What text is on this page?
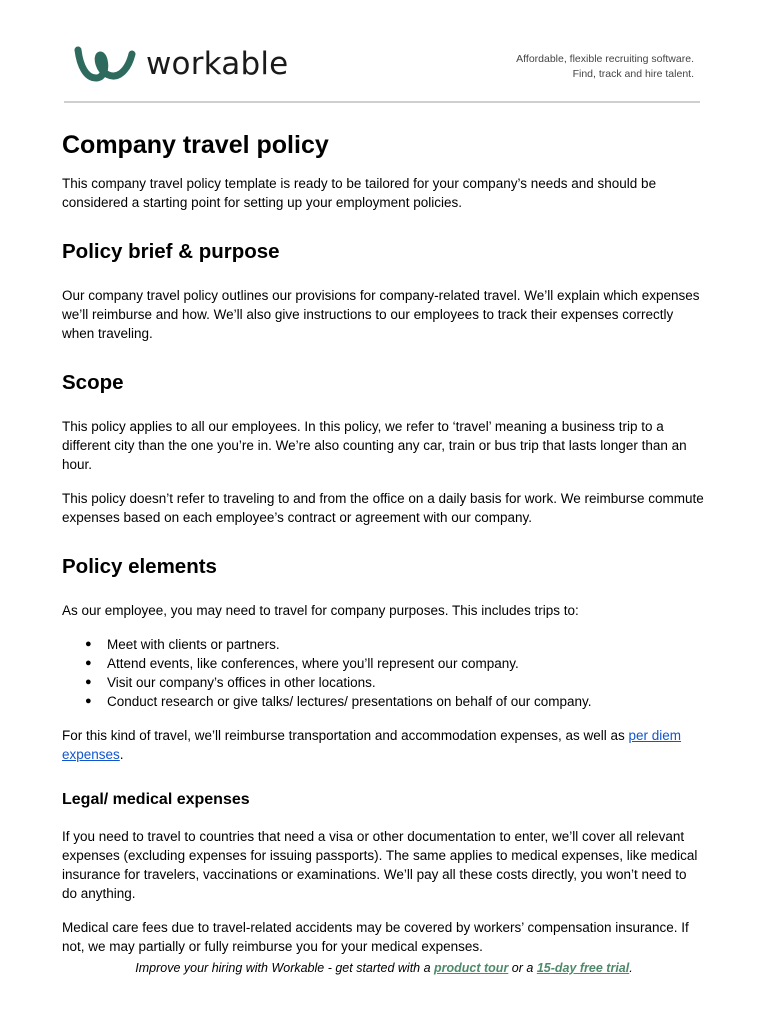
workable	Affordable, flexible recruiting software.
Find, track and hire talent.
Company travel policy

This company travel policy template is ready to be tailored for your company’s needs and should be considered a starting point for setting up your employment policies.

Policy brief & purpose

Our company travel policy outlines our provisions for company-related travel. We’ll explain which expenses we’ll reimburse and how. We’ll also give instructions to our employees to track their expenses correctly when traveling.

Scope

This policy applies to all our employees. In this policy, we refer to ‘travel’ meaning a business trip to a different city than the one you’re in. We’re also counting any car, train or bus trip that lasts longer than an hour.

This policy doesn’t refer to traveling to and from the office on a daily basis for work. We reimburse commute expenses based on each employee’s contract or agreement with our company.

Policy elements

As our employee, you may need to travel for company purposes. This includes trips to:

● Meet with clients or partners.
● Attend events, like conferences, where you’ll represent our company.
● Visit our company’s offices in other locations.
● Conduct research or give talks/ lectures/ presentations on behalf of our company.

For this kind of travel, we’ll reimburse transportation and accommodation expenses, as well as per diem expenses.

Legal/ medical expenses

If you need to travel to countries that need a visa or other documentation to enter, we’ll cover all relevant expenses (excluding expenses for issuing passports). The same applies to medical expenses, like medical insurance for travelers, vaccinations or examinations. We’ll pay all these costs directly, you won’t need to do anything.

Medical care fees due to travel-related accidents may be covered by workers’ compensation insurance. If not, we may partially or fully reimburse you for your medical expenses.

Improve your hiring with Workable - get started with a product tour or a 15-day free trial.
